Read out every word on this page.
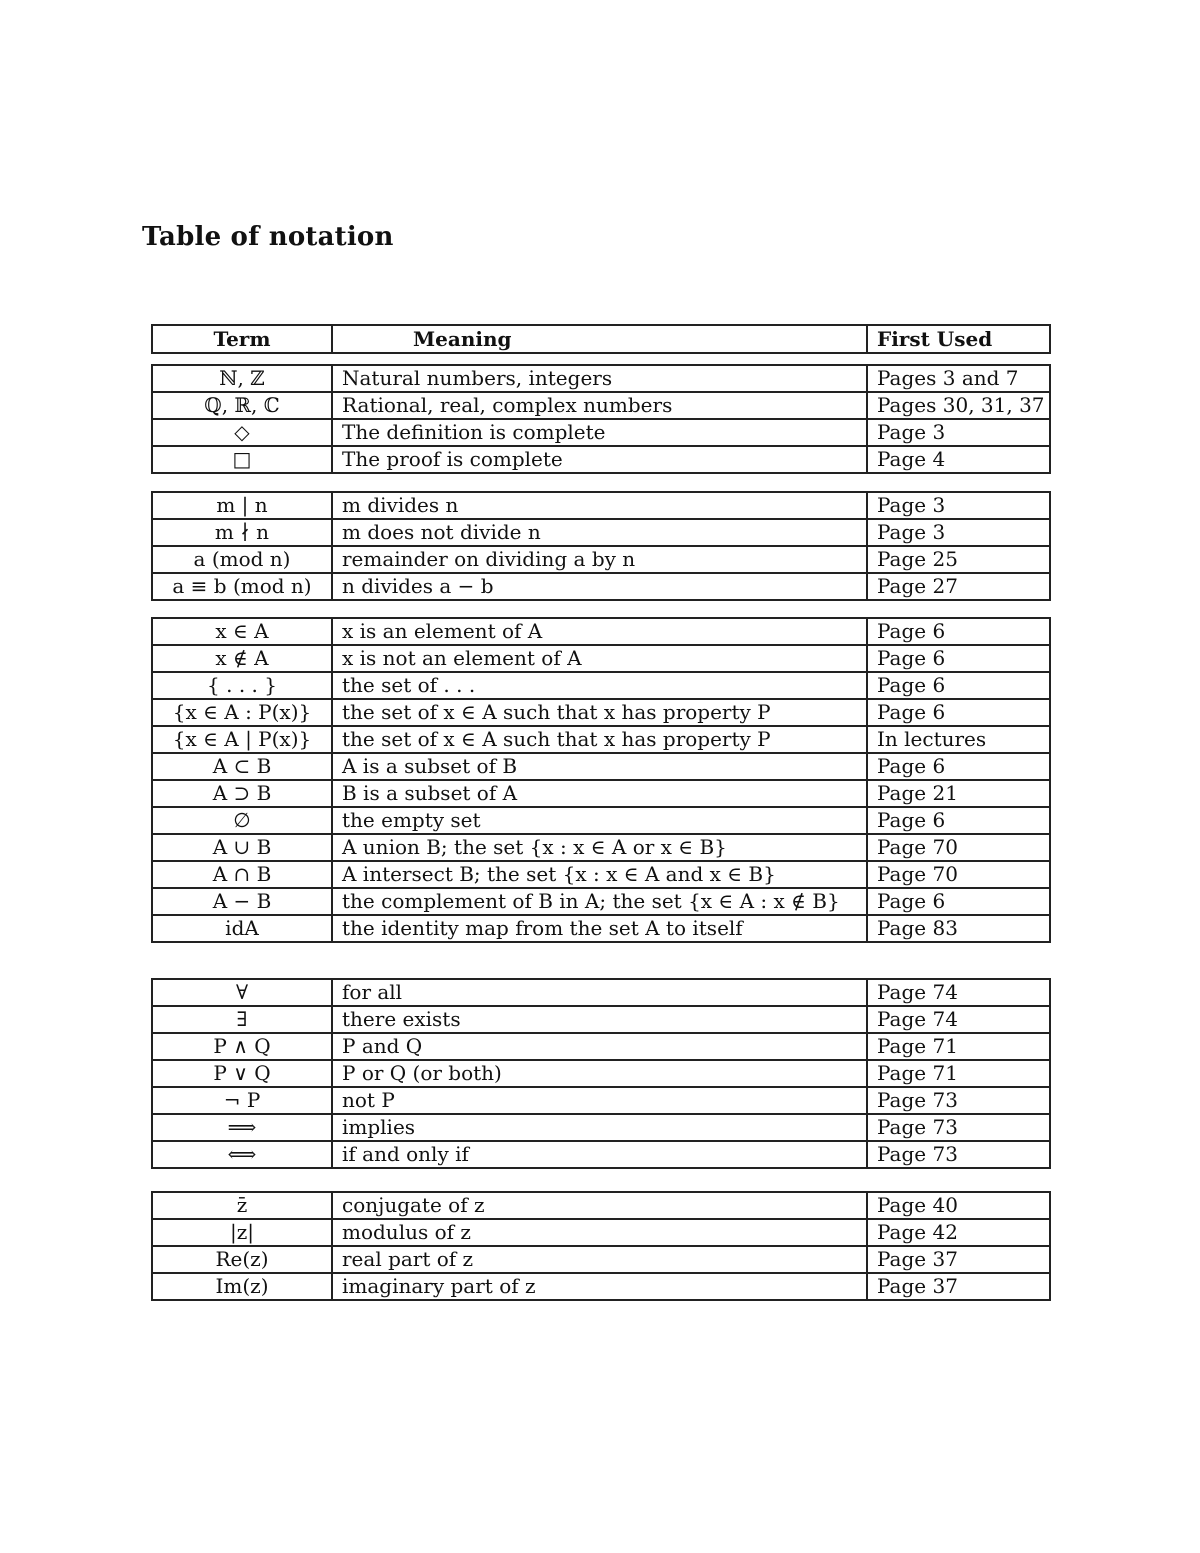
Table of notation
Term	Meaning	First Used
ℕ, ℤ	Natural numbers, integers	Pages 3 and 7
ℚ, ℝ, ℂ	Rational, real, complex numbers	Pages 30, 31, 37
◇	The definition is complete	Page 3
□	The proof is complete	Page 4
m | n	m divides n	Page 3
m ∤ n	m does not divide n	Page 3
a (mod n)	remainder on dividing a by n	Page 25
a ≡ b (mod n)	n divides a − b	Page 27
x ∈ A	x is an element of A	Page 6
x ∉ A	x is not an element of A	Page 6
{ . . . }	the set of . . .	Page 6
{x ∈ A : P(x)}	the set of x ∈ A such that x has property P	Page 6
{x ∈ A | P(x)}	the set of x ∈ A such that x has property P	In lectures
A ⊂ B	A is a subset of B	Page 6
A ⊃ B	B is a subset of A	Page 21
∅	the empty set	Page 6
A ∪ B	A union B; the set {x : x ∈ A or x ∈ B}	Page 70
A ∩ B	A intersect B; the set {x : x ∈ A and x ∈ B}	Page 70
A − B	the complement of B in A; the set {x ∈ A : x ∉ B}	Page 6
idA	the identity map from the set A to itself	Page 83
∀	for all	Page 74
∃	there exists	Page 74
P ∧ Q	P and Q	Page 71
P ∨ Q	P or Q (or both)	Page 71
¬ P	not P	Page 73
⟹	implies	Page 73
⟺	if and only if	Page 73
z̄	conjugate of z	Page 40
|z|	modulus of z	Page 42
Re(z)	real part of z	Page 37
Im(z)	imaginary part of z	Page 37
